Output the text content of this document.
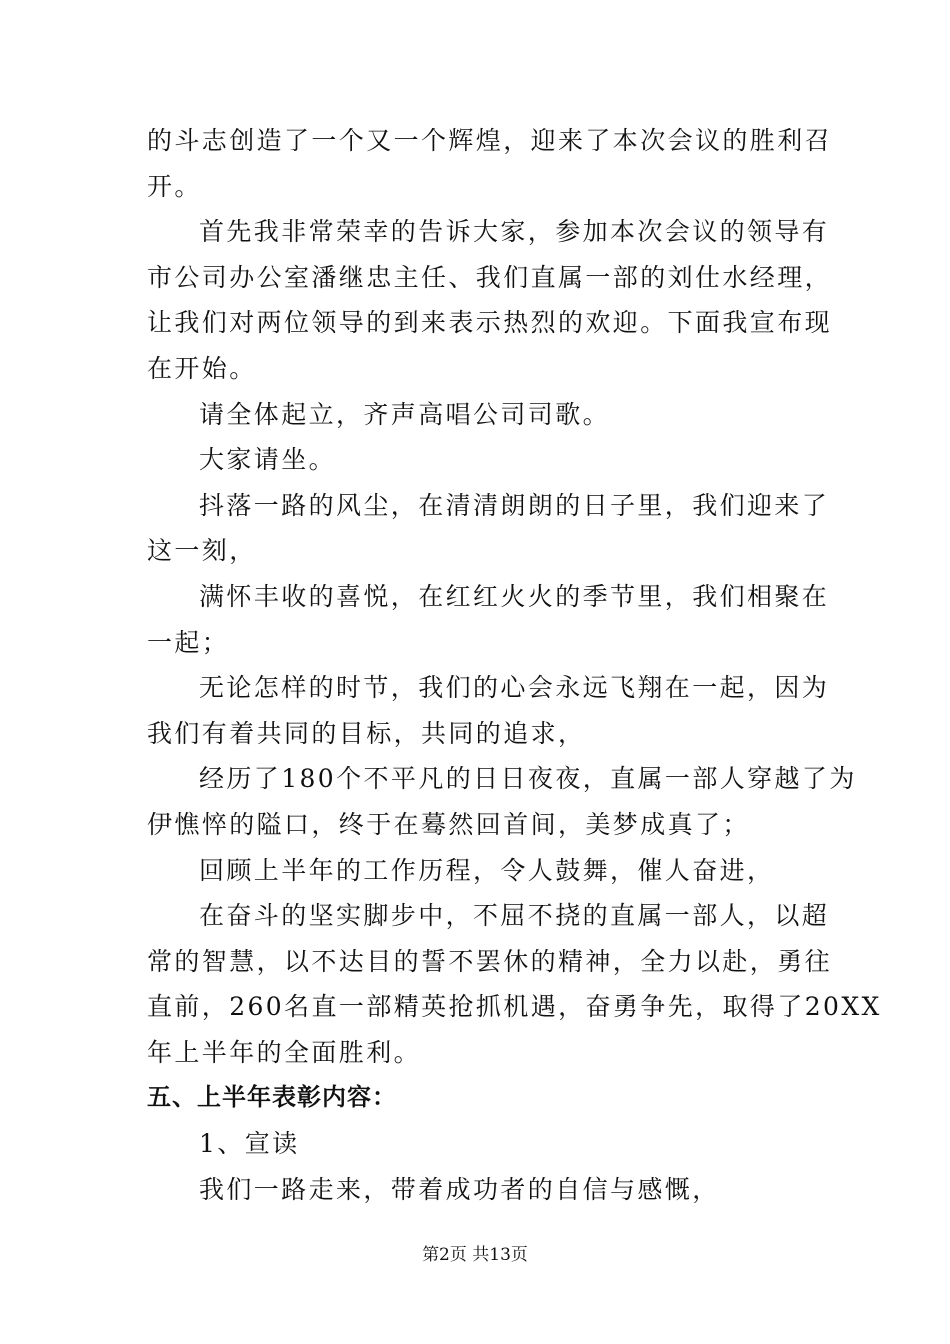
的斗志创造了一个又一个辉煌，迎来了本次会议的胜利召
开。
首先我非常荣幸的告诉大家，参加本次会议的领导有
市公司办公室潘继忠主任、我们直属一部的刘仕水经理，
让我们对两位领导的到来表示热烈的欢迎。下面我宣布现
在开始。
请全体起立，齐声高唱公司司歌。
大家请坐。
抖落一路的风尘，在清清朗朗的日子里，我们迎来了
这一刻，
满怀丰收的喜悦，在红红火火的季节里，我们相聚在
一起；
无论怎样的时节，我们的心会永远飞翔在一起，因为
我们有着共同的目标，共同的追求，
经历了180个不平凡的日日夜夜，直属一部人穿越了为
伊憔悴的隘口，终于在蓦然回首间，美梦成真了；
回顾上半年的工作历程，令人鼓舞，催人奋进，
在奋斗的坚实脚步中，不屈不挠的直属一部人，以超
常的智慧，以不达目的誓不罢休的精神，全力以赴，勇往
直前，260名直一部精英抢抓机遇，奋勇争先，取得了20XX
年上半年的全面胜利。
五、上半年表彰内容：
1、宣读
我们一路走来，带着成功者的自信与感慨，
第2页 共13页
